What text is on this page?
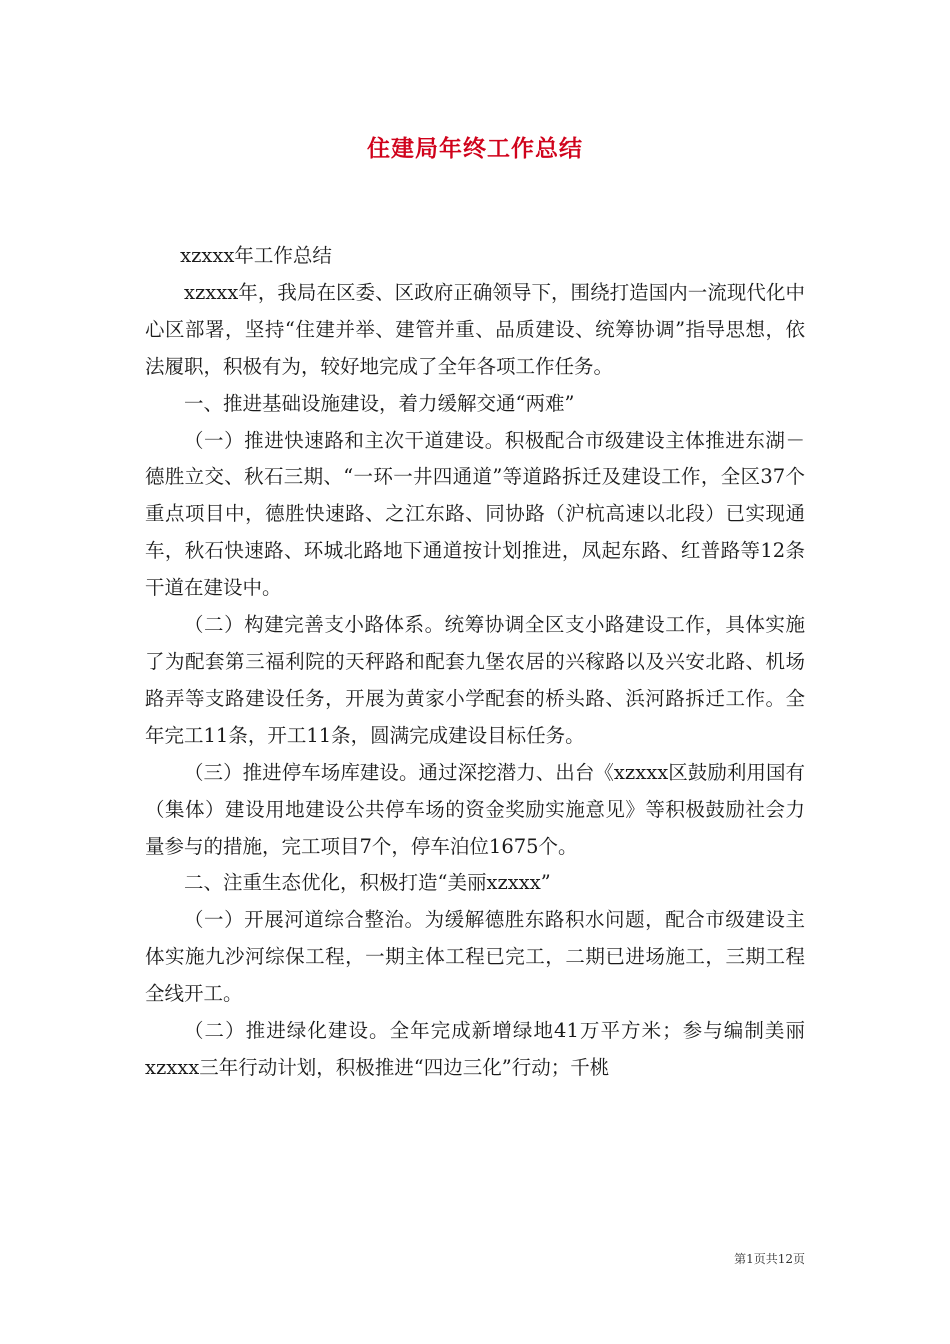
住建局年终工作总结

xzxxx年工作总结

xzxxx年，我局在区委、区政府正确领导下，围绕打造国内一流现代化中心区部署，坚持“住建并举、建管并重、品质建设、统筹协调”指导思想，依法履职，积极有为，较好地完成了全年各项工作任务。

一、推进基础设施建设，着力缓解交通“两难”

（一）推进快速路和主次干道建设。积极配合市级建设主体推进东湖－德胜立交、秋石三期、“一环一井四通道”等道路拆迁及建设工作，全区37个重点项目中，德胜快速路、之江东路、同协路（沪杭高速以北段）已实现通车，秋石快速路、环城北路地下通道按计划推进，凤起东路、红普路等12条干道在建设中。

（二）构建完善支小路体系。统筹协调全区支小路建设工作，具体实施了为配套第三福利院的天秤路和配套九堡农居的兴稼路以及兴安北路、机场路弄等支路建设任务，开展为黄家小学配套的桥头路、浜河路拆迁工作。全年完工11条，开工11条，圆满完成建设目标任务。

（三）推进停车场库建设。通过深挖潜力、出台《xzxxx区鼓励利用国有（集体）建设用地建设公共停车场的资金奖励实施意见》等积极鼓励社会力量参与的措施，完工项目7个，停车泊位1675个。

二、注重生态优化，积极打造“美丽xzxxx”

（一）开展河道综合整治。为缓解德胜东路积水问题，配合市级建设主体实施九沙河综保工程，一期主体工程已完工，二期已进场施工，三期工程全线开工。

（二）推进绿化建设。全年完成新增绿地41万平方米；参与编制美丽xzxxx三年行动计划，积极推进“四边三化”行动；千桃

第1页共12页
